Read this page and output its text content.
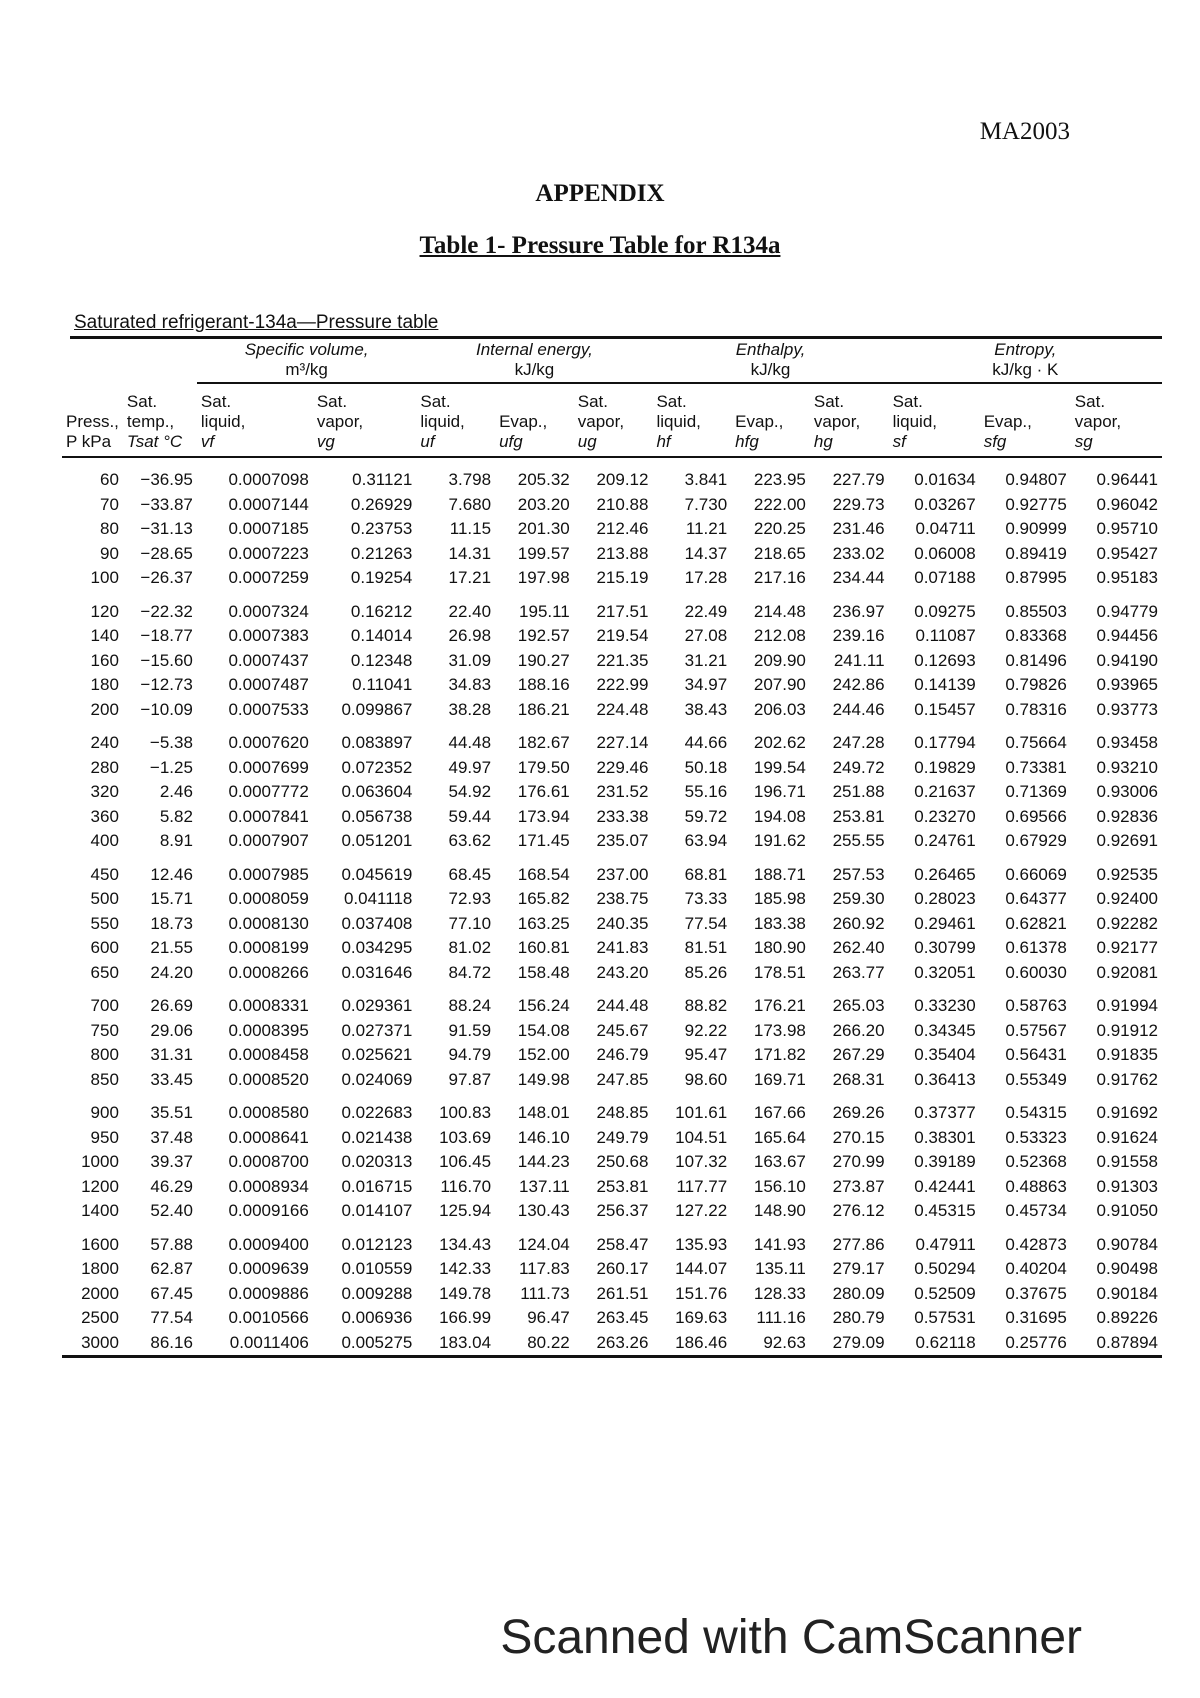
MA2003
APPENDIX
Table 1- Pressure Table for R134a
Saturated refrigerant-134a—Pressure table
		Specific volume,
m³/kg		Internal energy,
kJ/kg			Enthalpy,
kJ/kg			Entropy,
kJ/kg · K		

	Sat.	Sat.	Sat.	Sat.		Sat.	Sat.		Sat.	Sat.		Sat.
Press.,	temp.,	liquid,	vapor,	liquid,	Evap.,	vapor,	liquid,	Evap.,	vapor,	liquid,	Evap.,	vapor,
P kPa	Tsat °C	vf	vg	uf	ufg	ug	hf	hfg	hg	sf	sfg	sg
60	−36.95	0.0007098	0.31121	3.798	205.32	209.12	3.841	223.95	227.79	0.01634	0.94807	0.96441
70	−33.87	0.0007144	0.26929	7.680	203.20	210.88	7.730	222.00	229.73	0.03267	0.92775	0.96042
80	−31.13	0.0007185	0.23753	11.15	201.30	212.46	11.21	220.25	231.46	0.04711	0.90999	0.95710
90	−28.65	0.0007223	0.21263	14.31	199.57	213.88	14.37	218.65	233.02	0.06008	0.89419	0.95427
100	−26.37	0.0007259	0.19254	17.21	197.98	215.19	17.28	217.16	234.44	0.07188	0.87995	0.95183
120	−22.32	0.0007324	0.16212	22.40	195.11	217.51	22.49	214.48	236.97	0.09275	0.85503	0.94779
140	−18.77	0.0007383	0.14014	26.98	192.57	219.54	27.08	212.08	239.16	0.11087	0.83368	0.94456
160	−15.60	0.0007437	0.12348	31.09	190.27	221.35	31.21	209.90	241.11	0.12693	0.81496	0.94190
180	−12.73	0.0007487	0.11041	34.83	188.16	222.99	34.97	207.90	242.86	0.14139	0.79826	0.93965
200	−10.09	0.0007533	0.099867	38.28	186.21	224.48	38.43	206.03	244.46	0.15457	0.78316	0.93773
240	−5.38	0.0007620	0.083897	44.48	182.67	227.14	44.66	202.62	247.28	0.17794	0.75664	0.93458
280	−1.25	0.0007699	0.072352	49.97	179.50	229.46	50.18	199.54	249.72	0.19829	0.73381	0.93210
320	2.46	0.0007772	0.063604	54.92	176.61	231.52	55.16	196.71	251.88	0.21637	0.71369	0.93006
360	5.82	0.0007841	0.056738	59.44	173.94	233.38	59.72	194.08	253.81	0.23270	0.69566	0.92836
400	8.91	0.0007907	0.051201	63.62	171.45	235.07	63.94	191.62	255.55	0.24761	0.67929	0.92691
450	12.46	0.0007985	0.045619	68.45	168.54	237.00	68.81	188.71	257.53	0.26465	0.66069	0.92535
500	15.71	0.0008059	0.041118	72.93	165.82	238.75	73.33	185.98	259.30	0.28023	0.64377	0.92400
550	18.73	0.0008130	0.037408	77.10	163.25	240.35	77.54	183.38	260.92	0.29461	0.62821	0.92282
600	21.55	0.0008199	0.034295	81.02	160.81	241.83	81.51	180.90	262.40	0.30799	0.61378	0.92177
650	24.20	0.0008266	0.031646	84.72	158.48	243.20	85.26	178.51	263.77	0.32051	0.60030	0.92081
700	26.69	0.0008331	0.029361	88.24	156.24	244.48	88.82	176.21	265.03	0.33230	0.58763	0.91994
750	29.06	0.0008395	0.027371	91.59	154.08	245.67	92.22	173.98	266.20	0.34345	0.57567	0.91912
800	31.31	0.0008458	0.025621	94.79	152.00	246.79	95.47	171.82	267.29	0.35404	0.56431	0.91835
850	33.45	0.0008520	0.024069	97.87	149.98	247.85	98.60	169.71	268.31	0.36413	0.55349	0.91762
900	35.51	0.0008580	0.022683	100.83	148.01	248.85	101.61	167.66	269.26	0.37377	0.54315	0.91692
950	37.48	0.0008641	0.021438	103.69	146.10	249.79	104.51	165.64	270.15	0.38301	0.53323	0.91624
1000	39.37	0.0008700	0.020313	106.45	144.23	250.68	107.32	163.67	270.99	0.39189	0.52368	0.91558
1200	46.29	0.0008934	0.016715	116.70	137.11	253.81	117.77	156.10	273.87	0.42441	0.48863	0.91303
1400	52.40	0.0009166	0.014107	125.94	130.43	256.37	127.22	148.90	276.12	0.45315	0.45734	0.91050
1600	57.88	0.0009400	0.012123	134.43	124.04	258.47	135.93	141.93	277.86	0.47911	0.42873	0.90784
1800	62.87	0.0009639	0.010559	142.33	117.83	260.17	144.07	135.11	279.17	0.50294	0.40204	0.90498
2000	67.45	0.0009886	0.009288	149.78	111.73	261.51	151.76	128.33	280.09	0.52509	0.37675	0.90184
2500	77.54	0.0010566	0.006936	166.99	96.47	263.45	169.63	111.16	280.79	0.57531	0.31695	0.89226
3000	86.16	0.0011406	0.005275	183.04	80.22	263.26	186.46	92.63	279.09	0.62118	0.25776	0.87894
Scanned with CamScanner
